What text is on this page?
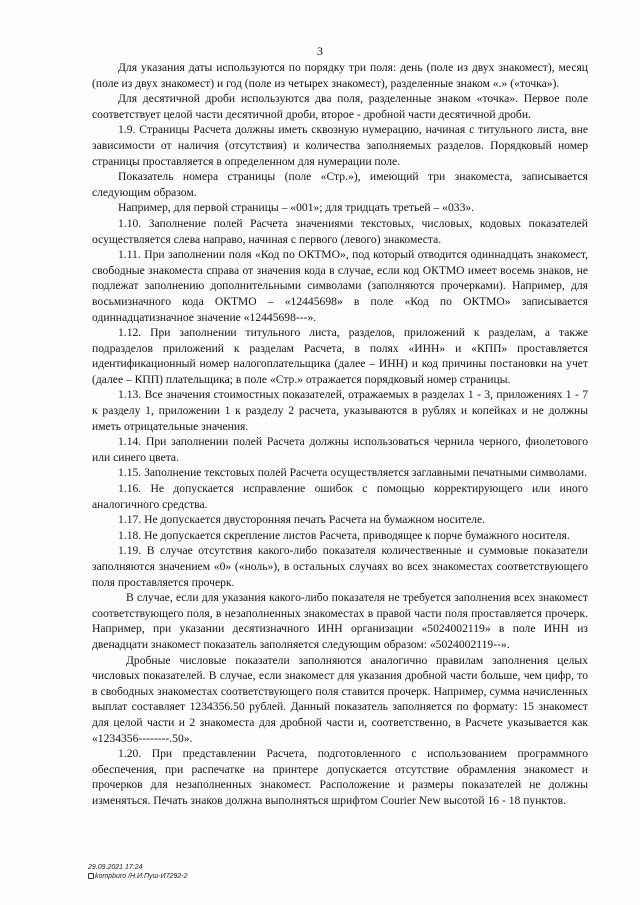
3

Для указания даты используются по порядку три поля: день (поле из двух знакомест), месяц (поле из двух знакомест) и год (поле из четырех знакомест), разделенные знаком «.» («точка»).

Для десятичной дроби используются два поля, разделенные знаком «точка». Первое поле соответствует целой части десятичной дроби, второе - дробной части десятичной дроби.

1.9. Страницы Расчета должны иметь сквозную нумерацию, начиная с титульного листа, вне зависимости от наличия (отсутствия) и количества заполняемых разделов. Порядковый номер страницы проставляется в определенном для нумерации поле.

Показатель номера страницы (поле «Стр.»), имеющий три знакоместа, записывается следующим образом.

Например, для первой страницы – «001»; для тридцать третьей – «033».

1.10. Заполнение полей Расчета значениями текстовых, числовых, кодовых показателей осуществляется слева направо, начиная с первого (левого) знакоместа.

1.11. При заполнении поля «Код по ОКТМО», под который отводится одиннадцать знакомест, свободные знакоместа справа от значения кода в случае, если код ОКТМО имеет восемь знаков, не подлежат заполнению дополнительными символами (заполняются прочерками). Например, для восьмизначного кода ОКТМО – «12445698» в поле «Код по ОКТМО» записывается одиннадцатизначное значение «12445698---».

1.12. При заполнении титульного листа, разделов, приложений к разделам, а также подразделов приложений к разделам Расчета, в полях «ИНН» и «КПП» проставляется идентификационный номер налогоплательщика (далее – ИНН) и код причины постановки на учет (далее – КПП) плательщика; в поле «Стр.» отражается порядковый номер страницы.

1.13. Все значения стоимостных показателей, отражаемых в разделах 1 - 3, приложениях 1 - 7 к разделу 1, приложении 1 к разделу 2 расчета, указываются в рублях и копейках и не должны иметь отрицательные значения.

1.14. При заполнении полей Расчета должны использоваться чернила черного, фиолетового или синего цвета.

1.15. Заполнение текстовых полей Расчета осуществляется заглавными печатными символами.

1.16. Не допускается исправление ошибок с помощью корректирующего или иного аналогичного средства.

1.17. Не допускается двусторонняя печать Расчета на бумажном носителе.

1.18. Не допускается скрепление листов Расчета, приводящее к порче бумажного носителя.

1.19. В случае отсутствия какого-либо показателя количественные и суммовые показатели заполняются значением «0» («ноль»), в остальных случаях во всех знакоместах соответствующего поля проставляется прочерк.

В случае, если для указания какого-либо показателя не требуется заполнения всех знакомест соответствующего поля, в незаполненных знакоместах в правой части поля проставляется прочерк. Например, при указании десятизначного ИНН организации «5024002119» в поле ИНН из двенадцати знакомест показатель заполняется следующим образом: «5024002119--».

Дробные числовые показатели заполняются аналогично правилам заполнения целых числовых показателей. В случае, если знакомест для указания дробной части больше, чем цифр, то в свободных знакоместах соответствующего поля ставится прочерк. Например, сумма начисленных выплат составляет 1234356.50 рублей. Данный показатель заполняется по формату: 15 знакомест для целой части и 2 знакоместа для дробной части и, соответственно, в Расчете указывается как «1234356--------.50».

1.20. При представлении Расчета, подготовленного с использованием программного обеспечения, при распечатке на принтере допускается отсутствие обрамления знакомест и прочерков для незаполненных знакомест. Расположение и размеры показателей не должны изменяться. Печать знаков должна выполняться шрифтом Courier New высотой 16 - 18 пунктов.

29.09.2021 17:24
kompburo /Н.И.Пуш-И7292-2
